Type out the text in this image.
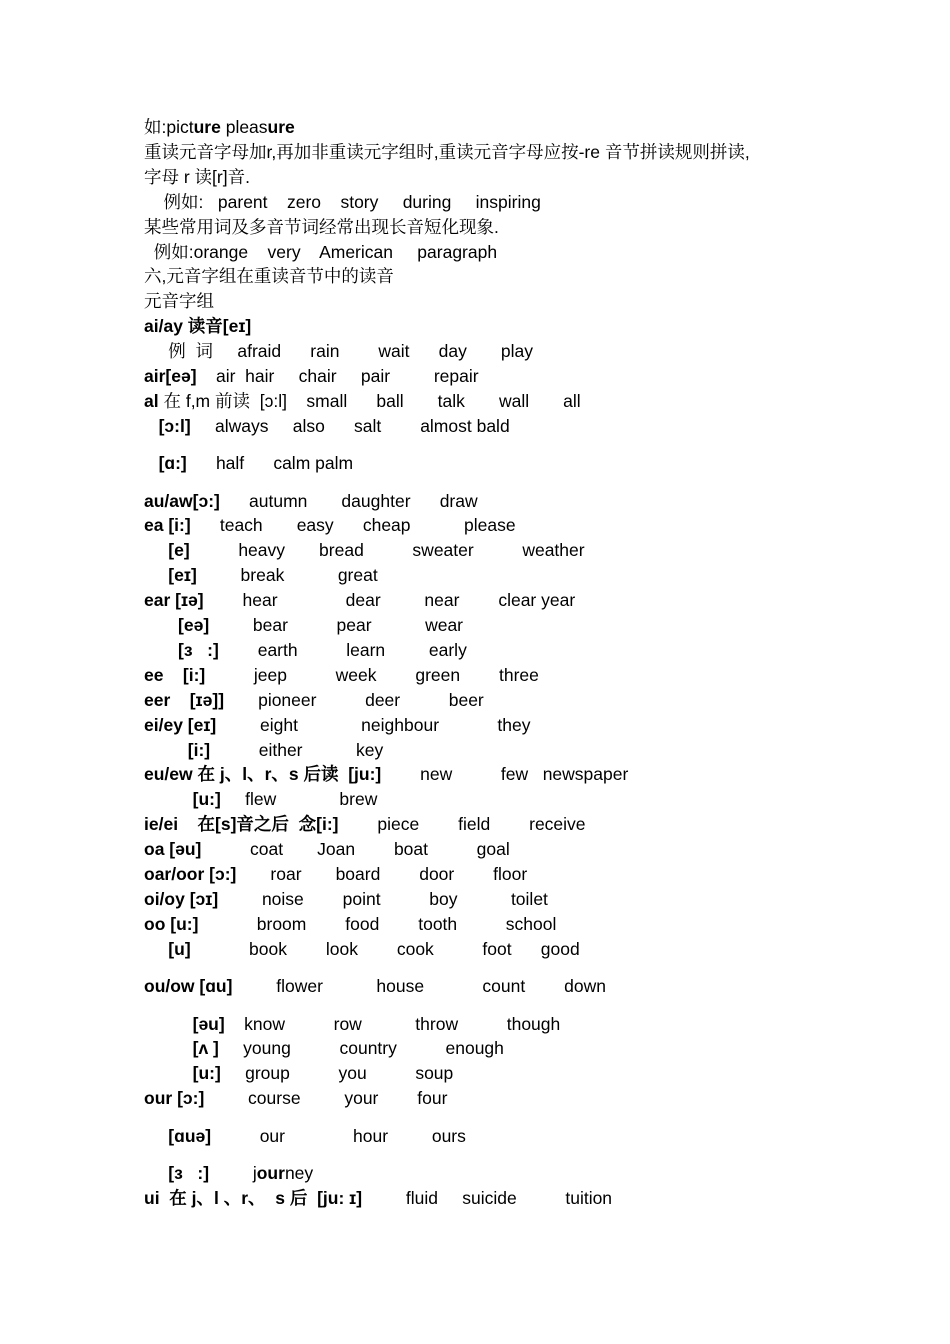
如:picture pleasure
重读元音字母加r,再加非重读元字组时,重读元音字母应按-re 音节拼读规则拼读,
字母 r 读[r]音.
例如:   parent    zero    story     during     inspiring
某些常用词及多音节词经常出现长音短化现象.
例如:orange    very    American     paragraph
六,元音字组在重读音节中的读音
元音字组
ai/ay 读音[eɪ]
例  词     afraid      rain        wait      day       play
air[eə]    air  hair     chair     pair         repair
al 在 f,m 前读  [ɔ:l]    small      ball       talk       wall       all
[ɔ:l]     always     also      salt        almost bald
[ɑ:]      half      calm palm
au/aw[ɔ:]      autumn       daughter      draw
ea [i:]      teach       easy      cheap           please
[e]          heavy       bread          sweater          weather
[eɪ]         break           great
ear [ɪə]        hear              dear         near        clear year
[eə]         bear          pear           wear
[ɜ   :]        earth          learn         early
ee    [i:]          jeep          week        green        three
eer    [ɪə]]       pioneer          deer          beer
ei/ey [eɪ]         eight             neighbour            they
[i:]          either           key
eu/ew 在 j、l、r、s 后读  [ju:]        new          few   newspaper
[u:]     flew             brew
ie/ei 在[s]音之后  念[i:]        piece        field        receive
oa [əu]          coat       Joan        boat          goal
oar/oor [ɔ:]       roar       board        door        floor
oi/oy [ɔɪ]         noise        point          boy           toilet
oo [u:]            broom        food        tooth          school
[u]            book        look        cook          foot      good
ou/ow [ɑu]         flower           house            count        down
[əu]    know          row           throw          though
[ʌ ]     young          country          enough
[u:]     group          you          soup
our [ɔ:]         course         your        four
[ɑuə]          our              hour         ours
[ɜ   :]         journey
ui  在 j、l 、r、  s 后  [ju: ɪ]         fluid     suicide          tuition
